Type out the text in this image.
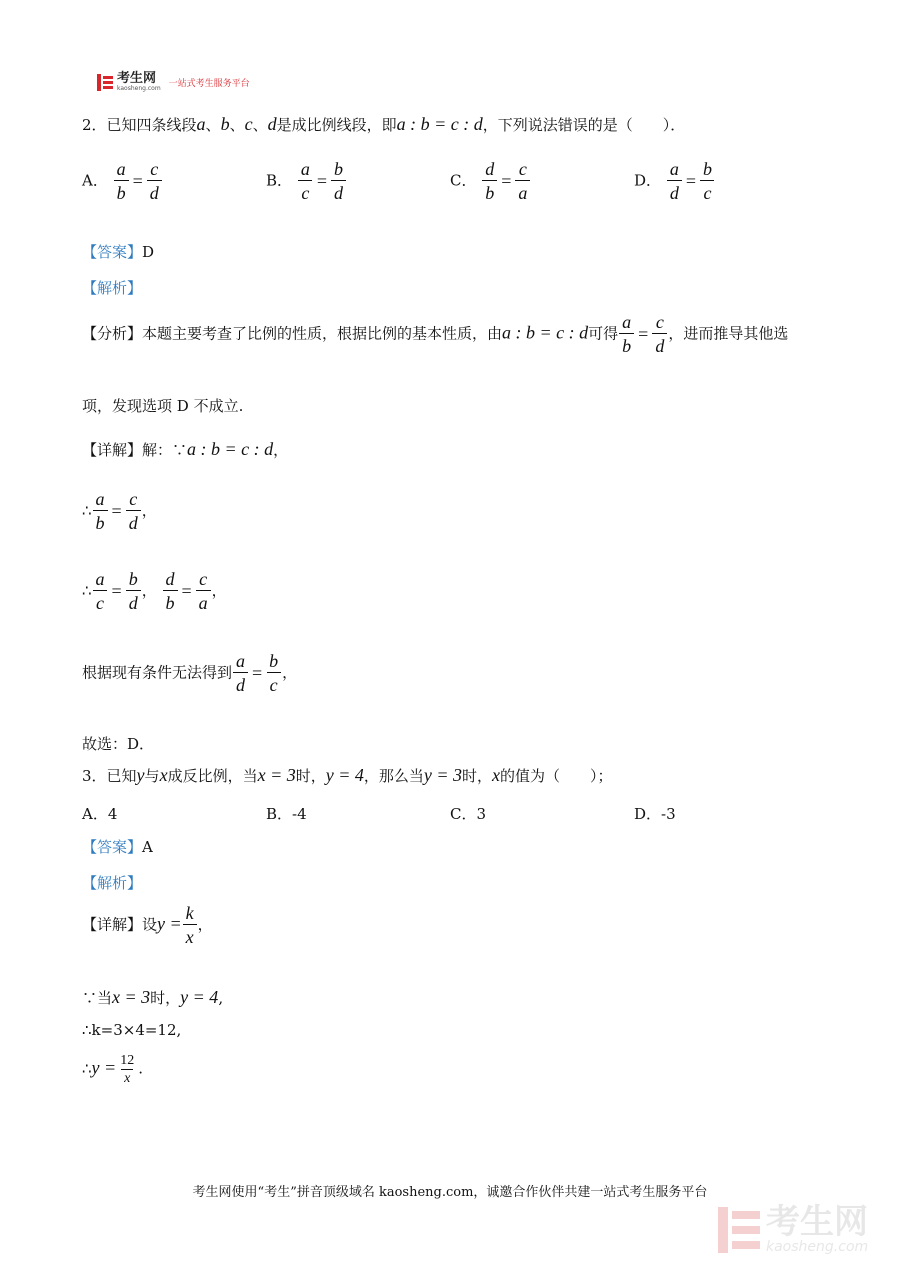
考生网
kaosheng.com 一站式考生服务平台
2．已知四条线段a、b、c、d是成比例线段，即a : b = c : d，下列说法错误的是（　　）．
A． $\frac{a}{b} = \frac{c}{d}$	B． $\frac{a}{c} = \frac{b}{d}$	C． $\frac{d}{b} = \frac{c}{a}$	D． $\frac{a}{d} = \frac{b}{c}$
【答案】D
【解析】
【分析】本题主要考查了比例的性质，根据比例的基本性质，由a : b = c : d可得 $\frac{a}{b} = \frac{c}{d}$ ，进而推导其他选
项，发现选项 D 不成立.
【详解】解：∵a : b = c : d，
∴ $\frac{a}{b} = \frac{c}{d}$ ，
∴ $\frac{a}{c} = \frac{b}{d}$ ， $\frac{d}{b} = \frac{c}{a}$ ，
根据现有条件无法得到 $\frac{a}{d} = \frac{b}{c}$ ，
故选：D．
3．已知y与x成反比例，当x = 3时，y = 4，那么当y = 3时，x的值为（　　）；
A．4	B．-4	C．3	D．-3
【答案】A
【解析】
【详解】设$y = \frac{k}{x}$ ，
∵当x = 3时，y = 4,
∴k=3×4=12,
∴y = $\frac{12}{x}$ .
考生网使用“考生”拼音顶级域名 kaosheng.com，诚邀合作伙伴共建一站式考生服务平台
考生网
kaosheng.com
